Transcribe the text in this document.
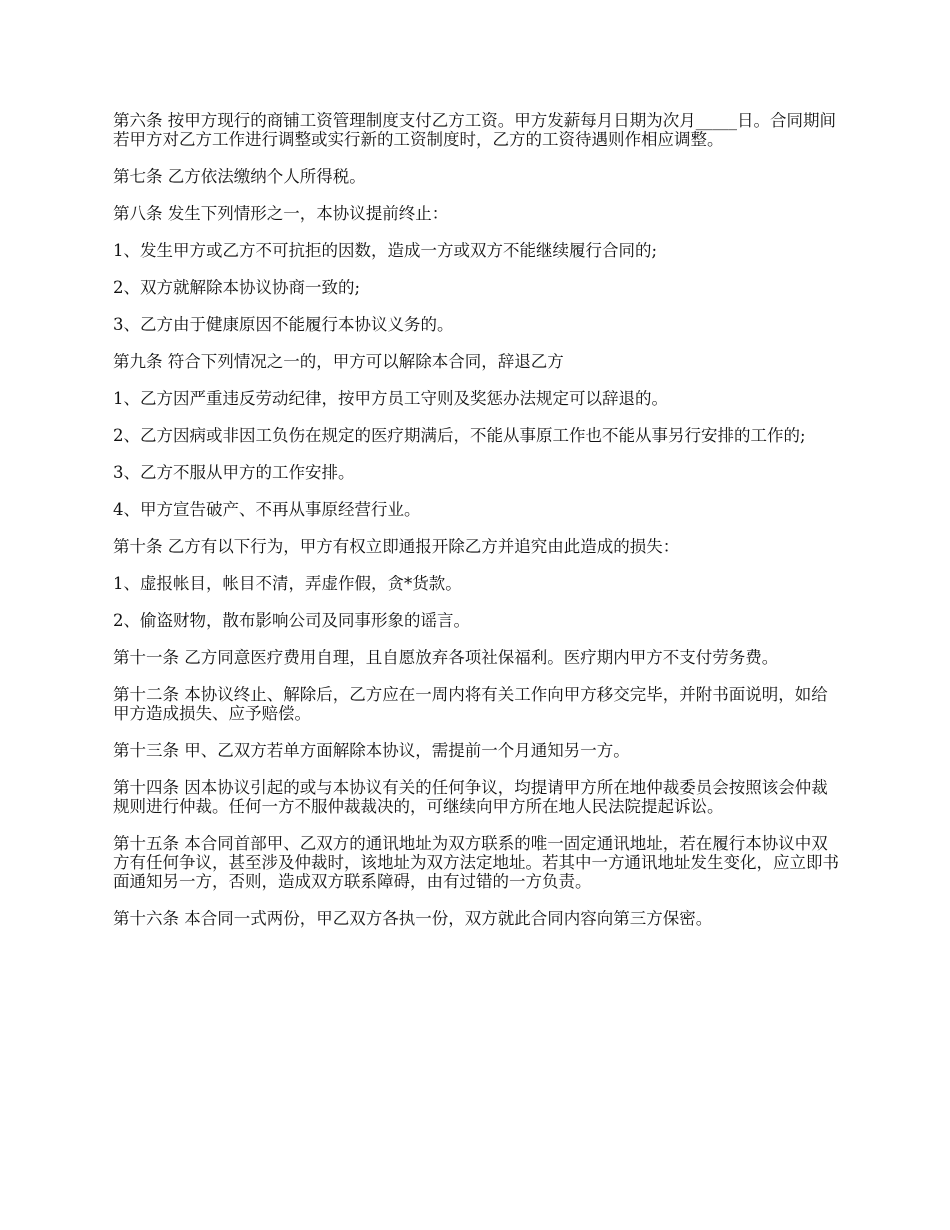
第六条 按甲方现行的商铺工资管理制度支付乙方工资。甲方发薪每月日期为次月_____日。合同期间若甲方对乙方工作进行调整或实行新的工资制度时，乙方的工资待遇则作相应调整。

第七条 乙方依法缴纳个人所得税。

第八条 发生下列情形之一，本协议提前终止：

1、发生甲方或乙方不可抗拒的因数，造成一方或双方不能继续履行合同的;

2、双方就解除本协议协商一致的;

3、乙方由于健康原因不能履行本协议义务的。

第九条 符合下列情况之一的，甲方可以解除本合同，辞退乙方

1、乙方因严重违反劳动纪律，按甲方员工守则及奖惩办法规定可以辞退的。

2、乙方因病或非因工负伤在规定的医疗期满后，不能从事原工作也不能从事另行安排的工作的;

3、乙方不服从甲方的工作安排。

4、甲方宣告破产、不再从事原经营行业。

第十条 乙方有以下行为，甲方有权立即通报开除乙方并追究由此造成的损失：

1、虚报帐目，帐目不清，弄虚作假，贪*货款。

2、偷盗财物，散布影响公司及同事形象的谣言。

第十一条 乙方同意医疗费用自理，且自愿放弃各项社保福利。医疗期内甲方不支付劳务费。

第十二条 本协议终止、解除后，乙方应在一周内将有关工作向甲方移交完毕，并附书面说明，如给甲方造成损失、应予赔偿。

第十三条 甲、乙双方若单方面解除本协议，需提前一个月通知另一方。

第十四条 因本协议引起的或与本协议有关的任何争议，均提请甲方所在地仲裁委员会按照该会仲裁规则进行仲裁。任何一方不服仲裁裁决的，可继续向甲方所在地人民法院提起诉讼。

第十五条 本合同首部甲、乙双方的通讯地址为双方联系的唯一固定通讯地址，若在履行本协议中双方有任何争议，甚至涉及仲裁时，该地址为双方法定地址。若其中一方通讯地址发生变化，应立即书面通知另一方，否则，造成双方联系障碍，由有过错的一方负责。

第十六条 本合同一式两份，甲乙双方各执一份，双方就此合同内容向第三方保密。
